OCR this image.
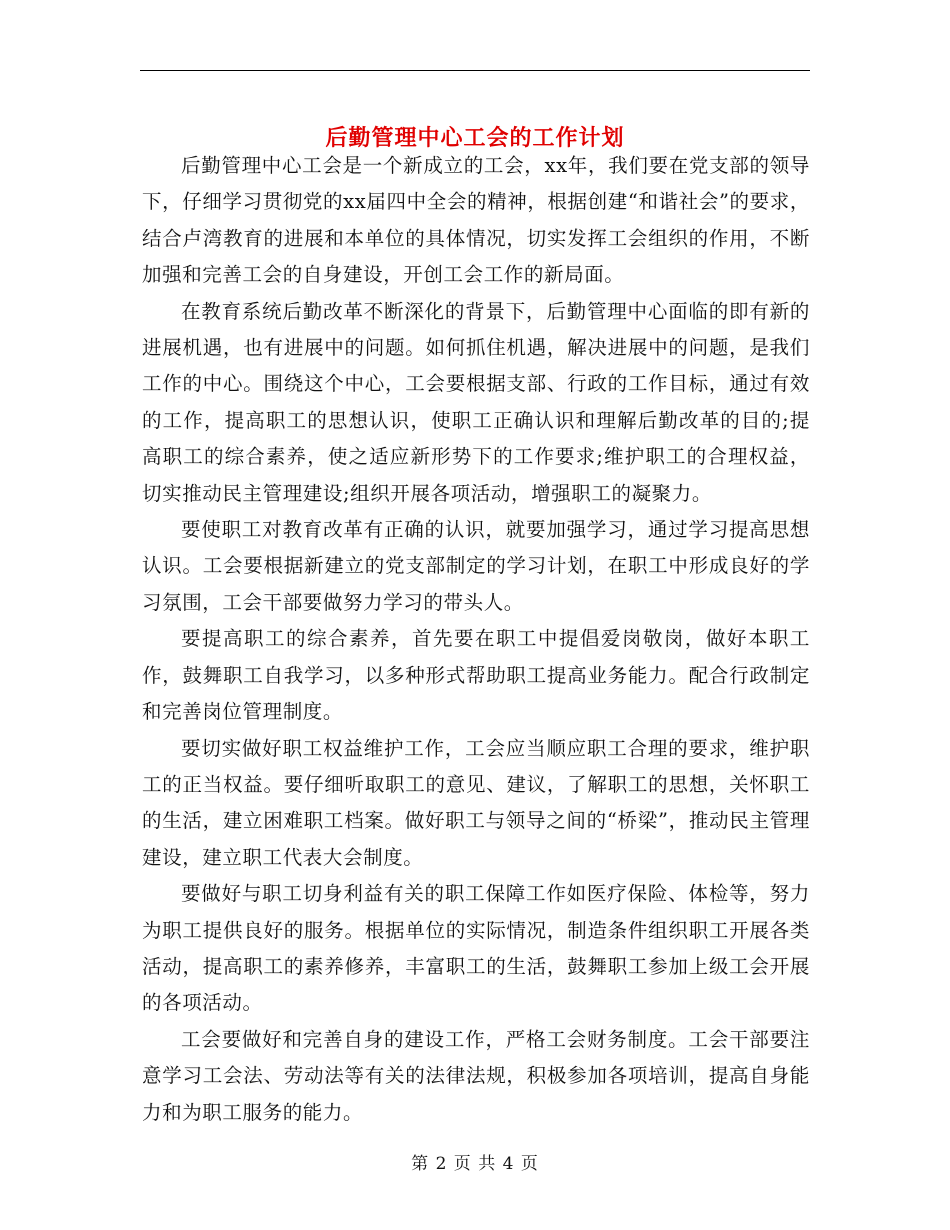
后勤管理中心工会的工作计划

后勤管理中心工会是一个新成立的工会，xx年，我们要在党支部的领导下，仔细学习贯彻党的xx届四中全会的精神，根据创建“和谐社会”的要求，结合卢湾教育的进展和本单位的具体情况，切实发挥工会组织的作用，不断加强和完善工会的自身建设，开创工会工作的新局面。

在教育系统后勤改革不断深化的背景下，后勤管理中心面临的即有新的进展机遇，也有进展中的问题。如何抓住机遇，解决进展中的问题，是我们工作的中心。围绕这个中心，工会要根据支部、行政的工作目标，通过有效的工作，提高职工的思想认识，使职工正确认识和理解后勤改革的目的;提高职工的综合素养，使之适应新形势下的工作要求;维护职工的合理权益，切实推动民主管理建设;组织开展各项活动，增强职工的凝聚力。

要使职工对教育改革有正确的认识，就要加强学习，通过学习提高思想认识。工会要根据新建立的党支部制定的学习计划，在职工中形成良好的学习氛围，工会干部要做努力学习的带头人。

要提高职工的综合素养，首先要在职工中提倡爱岗敬岗，做好本职工作，鼓舞职工自我学习，以多种形式帮助职工提高业务能力。配合行政制定和完善岗位管理制度。

要切实做好职工权益维护工作，工会应当顺应职工合理的要求，维护职工的正当权益。要仔细听取职工的意见、建议，了解职工的思想，关怀职工的生活，建立困难职工档案。做好职工与领导之间的“桥梁”，推动民主管理建设，建立职工代表大会制度。

要做好与职工切身利益有关的职工保障工作如医疗保险、体检等，努力为职工提供良好的服务。根据单位的实际情况，制造条件组织职工开展各类活动，提高职工的素养修养，丰富职工的生活，鼓舞职工参加上级工会开展的各项活动。

工会要做好和完善自身的建设工作，严格工会财务制度。工会干部要注意学习工会法、劳动法等有关的法律法规，积极参加各项培训，提高自身能力和为职工服务的能力。

第 2 页 共 4 页
